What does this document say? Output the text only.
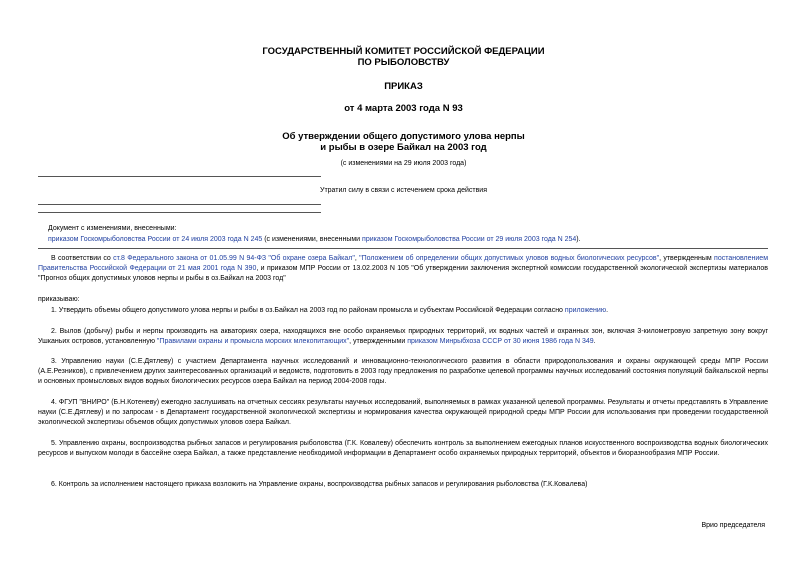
ГОСУДАРСТВЕННЫЙ КОМИТЕТ РОССИЙСКОЙ ФЕДЕРАЦИИ
ПО РЫБОЛОВСТВУ
ПРИКАЗ
от 4 марта 2003 года N 93
Об утверждении общего допустимого улова нерпы
и рыбы в озере Байкал на 2003 год
(с изменениями на 29 июля 2003 года)
Утратил силу в связи с истечением срока действия
Документ с изменениями, внесенными:
приказом Госкомрыболовства России от 24 июля 2003 года N 245 (с изменениями, внесенными приказом Госкомрыболовства России от 29 июля 2003 года N 254).
В соответствии со ст.8 Федерального закона от 01.05.99 N 94-ФЗ "Об охране озера Байкал", "Положением об определении общих допустимых уловов водных биологических ресурсов", утвержденным постановлением Правительства Российской Федерации от 21 мая 2001 года N 390, и приказом МПР России от 13.02.2003 N 105 "Об утверждении заключения экспертной комиссии государственной экологической экспертизы материалов "Прогноз общих допустимых уловов нерпы и рыбы в оз.Байкал на 2003 год"
приказываю:
1. Утвердить объемы общего допустимого улова нерпы и рыбы в оз.Байкал на 2003 год по районам промысла и субъектам Российской Федерации согласно приложению.
2. Вылов (добычу) рыбы и нерпы производить на акваториях озера, находящихся вне особо охраняемых природных территорий, их водных частей и охранных зон, включая 3-километровую запретную зону вокруг Ушканьих островов, установленную "Правилами охраны и промысла морских млекопитающих", утвержденными приказом Минрыбхоза СССР от 30 июня 1986 года N 349.
3. Управлению науки (С.Е.Дятлеву) с участием Департамента научных исследований и инновационно-технологического развития в области природопользования и охраны окружающей среды МПР России (А.Е.Резников), с привлечением других заинтересованных организаций и ведомств, подготовить в 2003 году предложения по разработке целевой программы научных исследований состояния популяций байкальской нерпы и основных промысловых видов водных биологических ресурсов озера Байкал на период 2004-2008 годы.
4. ФГУП "ВНИРО" (Б.Н.Котеневу) ежегодно заслушивать на отчетных сессиях результаты научных исследований, выполняемых в рамках указанной целевой программы. Результаты и отчеты представлять в Управление науки (С.Е.Дятлеву) и по запросам - в Департамент государственной экологической экспертизы и нормирования качества окружающей природной среды МПР России для использования при проведении государственной экологической экспертизы объемов общих допустимых уловов озера Байкал.
5. Управлению охраны, воспроизводства рыбных запасов и регулирования рыболовства (Г.К. Ковалеву) обеспечить контроль за выполнением ежегодных планов искусственного воспроизводства водных биологических ресурсов и выпуском молоди в бассейне озера Байкал, а также представление необходимой информации в Департамент особо охраняемых природных территорий, объектов и биоразнообразия МПР России.
6. Контроль за исполнением настоящего приказа возложить на Управление охраны, воспроизводства рыбных запасов и регулирования рыболовства (Г.К.Ковалева)
Врио председателя
